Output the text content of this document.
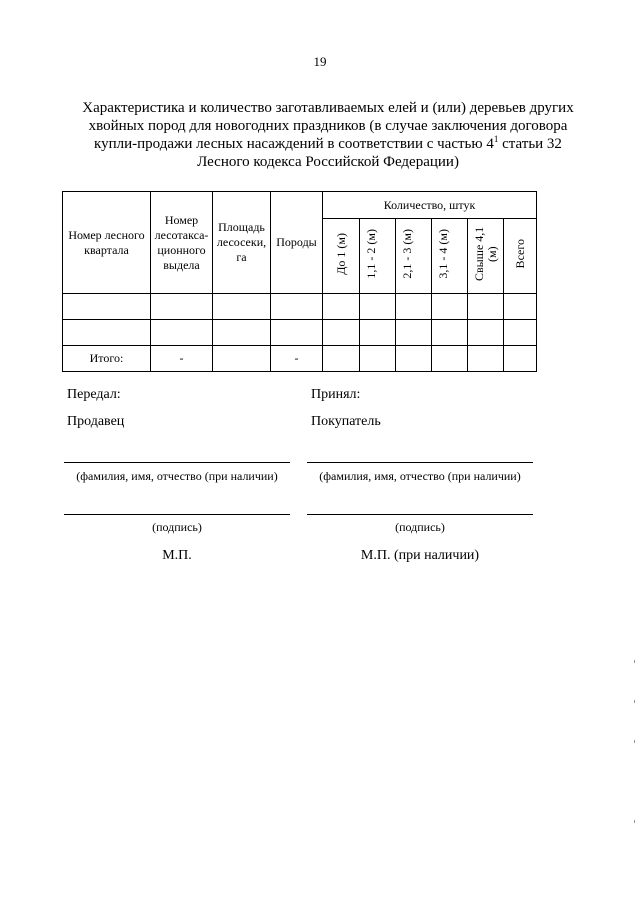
19
Характеристика и количество заготавливаемых елей и (или) деревьев других хвойных пород для новогодних праздников (в случае заключения договора купли-продажи лесных насаждений в соответствии с частью $4^1$ статьи 32 Лесного кодекса Российской Федерации)
Номер лесного квартала	Номер лесотакса-ционного выдела	Площадь лесосеки, га	Породы	Количество, штук					
				До 1 (м)	1,1 - 2 (м)	2,1 - 3 (м)	3,1 - 4 (м)	Свыше 4,1 (м)	Всего

Итого:	-		-						
Передал:
Продавец
(фамилия, имя, отчество (при наличии)
(подпись)
М.П.
Принял:
Покупатель
(фамилия, имя, отчество (при наличии)
(подпись)
М.П. (при наличии)
